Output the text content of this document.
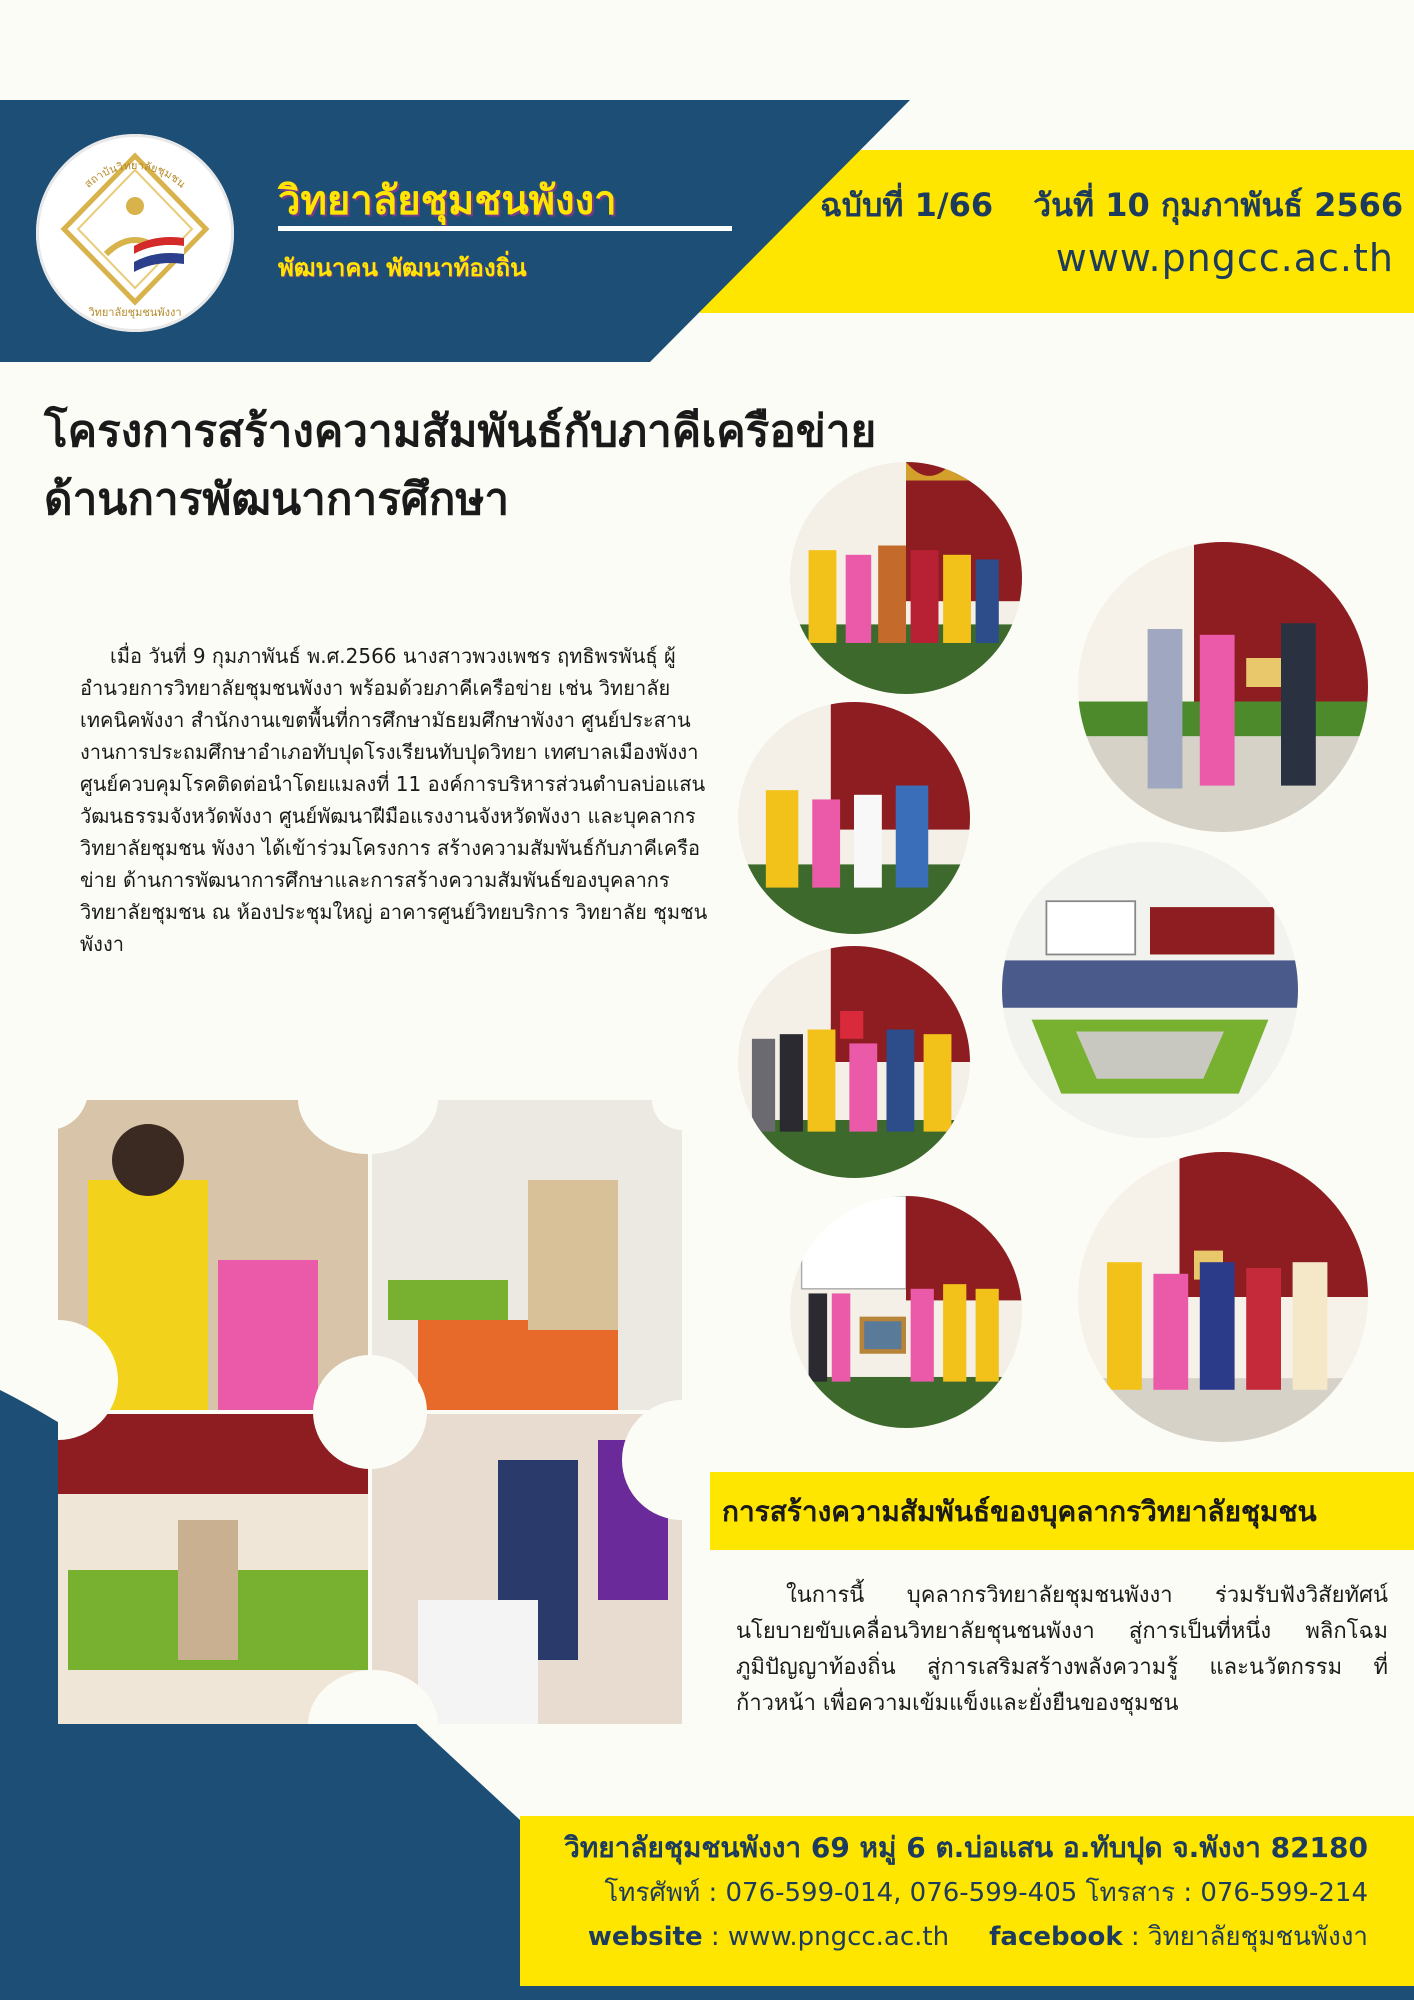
วิทยาลัยชุมชนพังงา
สถาบันวิทยาลัยชุมชน วิทยาลัยชุมชนพังงา
พัฒนาคน พัฒนาท้องถิ่น
ฉบับที่ 1/66 วันที่ 10 กุมภาพันธ์ 2566
www.pngcc.ac.th
โครงการสร้างความสัมพันธ์กับภาคีเครือข่าย
ด้านการพัฒนาการศึกษา

เมื่อ วันที่ 9 กุมภาพันธ์ พ.ศ.2566 นางสาวพวงเพชร ฤทธิพรพันธุ์ ผู้อำนวยการวิทยาลัยชุมชนพังงา พร้อมด้วยภาคีเครือข่าย เช่น วิทยาลัยเทคนิคพังงา สำนักงานเขตพื้นที่การศึกษามัธยมศึกษาพังงา ศูนย์ประสานงานการประถมศึกษาอำเภอทับปุดโรงเรียนทับปุดวิทยา เทศบาลเมืองพังงา ศูนย์ควบคุมโรคติดต่อนำโดยแมลงที่ 11 องค์การบริหารส่วนตำบลบ่อแสน วัฒนธรรมจังหวัดพังงา ศูนย์พัฒนาฝีมือแรงงานจังหวัดพังงา และบุคลากรวิทยาลัยชุมชน พังงา ได้เข้าร่วมโครงการ สร้างความสัมพันธ์กับภาคีเครือข่าย ด้านการพัฒนาการศึกษาและการสร้างความสัมพันธ์ของบุคลากร วิทยาลัยชุมชน ณ ห้องประชุมใหญ่ อาคารศูนย์วิทยบริการ วิทยาลัย ชุมชนพังงา

การสร้างความสัมพันธ์ของบุคลากรวิทยาลัยชุมชน

ในการนี้ บุคลากรวิทยาลัยชุมชนพังงา ร่วมรับฟังวิสัยทัศน์ นโยบายขับเคลื่อนวิทยาลัยชุนชนพังงา สู่การเป็นที่หนึ่ง พลิกโฉม ภูมิปัญญาท้องถิ่น สู่การเสริมสร้างพลังความรู้ และนวัตกรรม ที่ก้าวหน้า เพื่อความเข้มแข็งและยั่งยืนของชุมชน

วิทยาลัยชุมชนพังงา 69 หมู่ 6 ต.บ่อแสน อ.ทับปุด จ.พังงา 82180
โทรศัพท์ : 076-599-014, 076-599-405 โทรสาร : 076-599-214
website : www.pngcc.ac.th facebook : วิทยาลัยชุมชนพังงา
